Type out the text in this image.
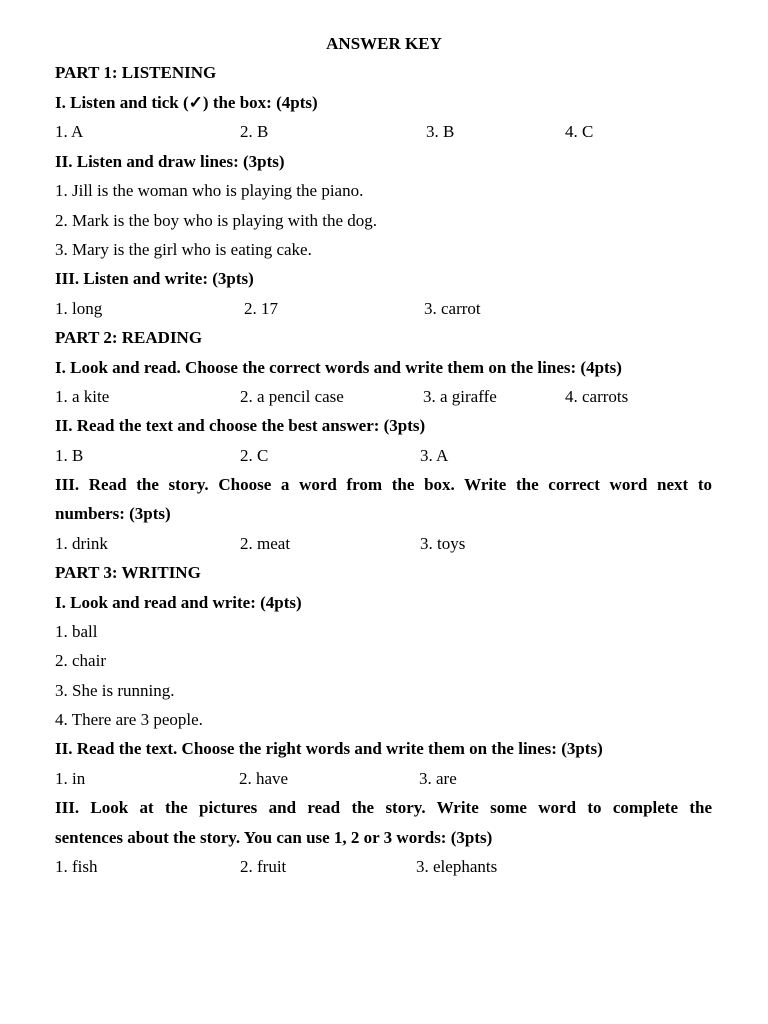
ANSWER KEY
PART 1: LISTENING
I. Listen and tick (✓) the box: (4pts)
1. A	2. B	3. B	4. C
II. Listen and draw lines: (3pts)
1. Jill is the woman who is playing the piano.
2. Mark is the boy who is playing with the dog.
3. Mary is the girl who is eating cake.
III. Listen and write: (3pts)
1. long	2. 17	3. carrot
PART 2: READING
I. Look and read. Choose the correct words and write them on the lines: (4pts)
1. a kite	2. a pencil case	3. a giraffe	4. carrots
II. Read the text and choose the best answer: (3pts)
1. B	2. C	3. A
III. Read the story. Choose a word from the box. Write the correct word next to
numbers: (3pts)
1. drink	2. meat	3. toys
PART 3: WRITING
I. Look and read and write: (4pts)
1. ball
2. chair
3. She is running.
4. There are 3 people.
II. Read the text. Choose the right words and write them on the lines: (3pts)
1. in	2. have	3. are
III. Look at the pictures and read the story. Write some word to complete the
sentences about the story. You can use 1, 2 or 3 words: (3pts)
1. fish	2. fruit	3. elephants
